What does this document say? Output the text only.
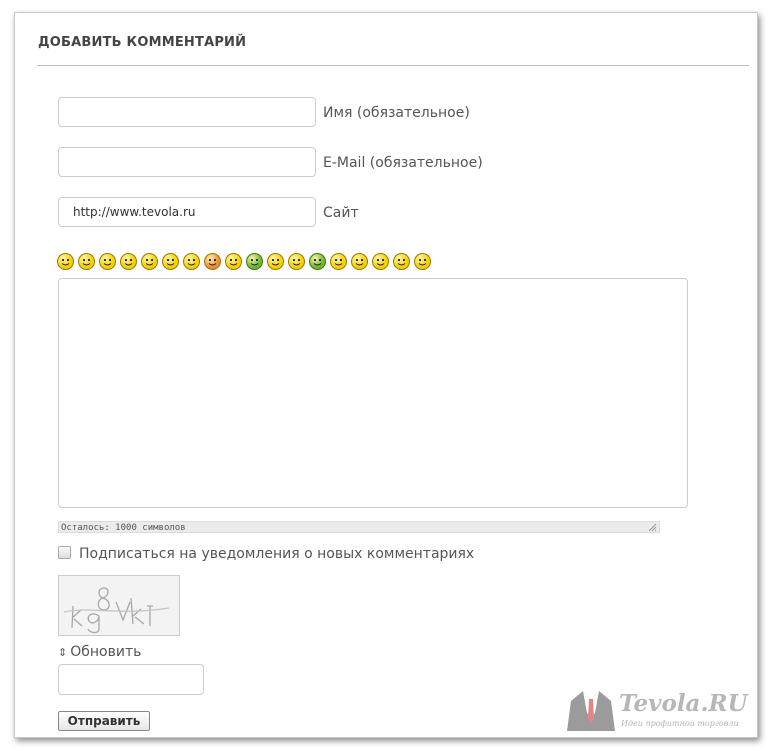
ДОБАВИТЬ КОММЕНТАРИЙ
Имя (обязательное)
E-Mail (обязательное)
http://www.tevola.ru
Сайт
Осталось: 1000 символов
Подписаться на уведомления о новых комментариях
kg8Vk
⇕ Обновить
Отправить
Tevola.RU
Идеи профитной торговли
